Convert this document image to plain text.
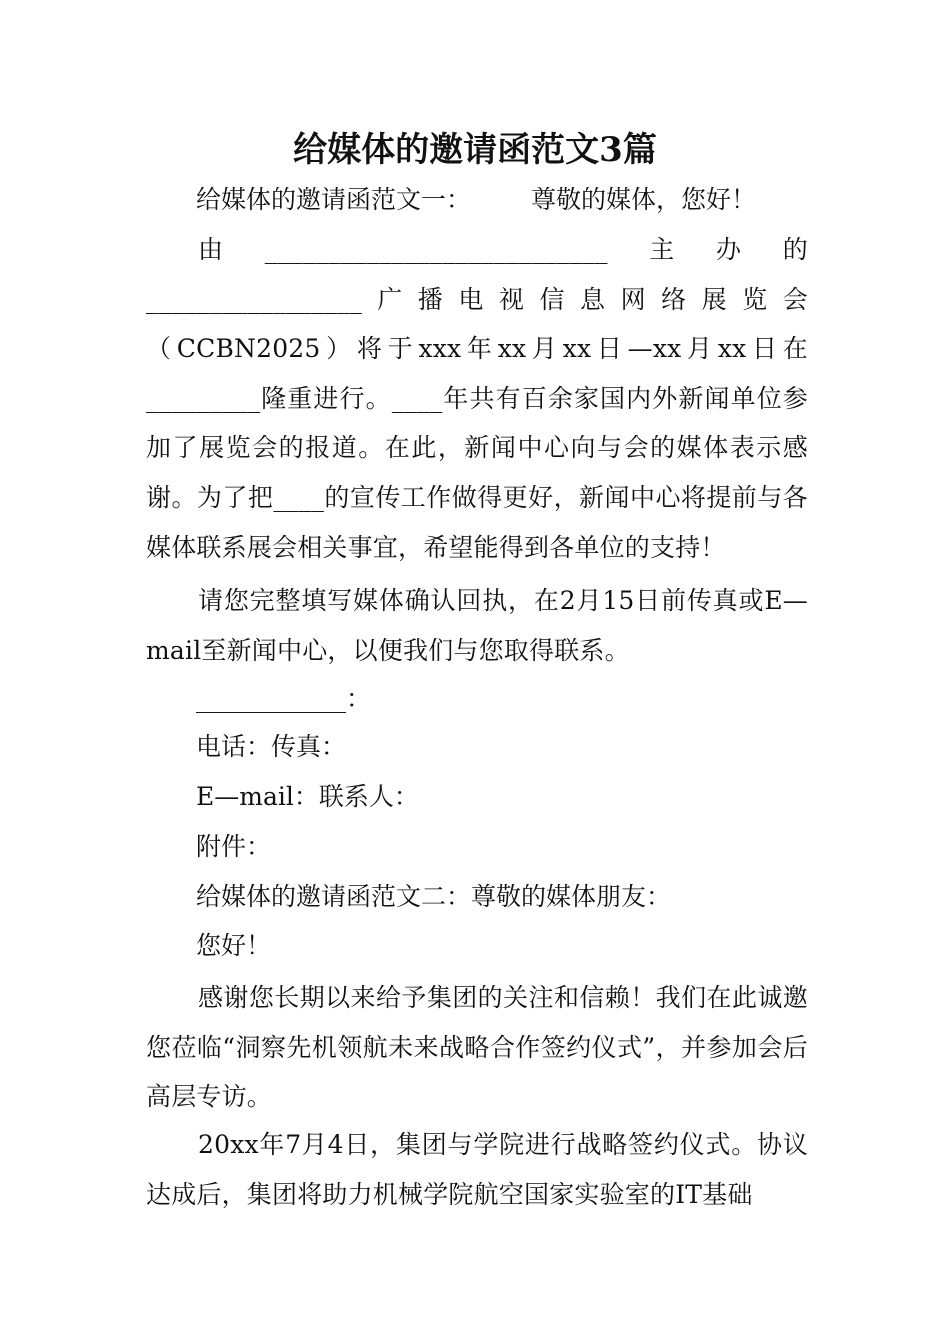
给媒体的邀请函范文3篇
给媒体的邀请函范文一： 尊敬的媒体，您好！

由___________________________主办的_________________广播电视信息网络展览会（CCBN2025）将于xxx年xx月xx日—xx月xx日在_________隆重进行。____年共有百余家国内外新闻单位参加了展览会的报道。在此，新闻中心向与会的媒体表示感谢。为了把____的宣传工作做得更好，新闻中心将提前与各媒体联系展会相关事宜，希望能得到各单位的支持！

请您完整填写媒体确认回执，在2月15日前传真或E—mail至新闻中心，以便我们与您取得联系。

____________：
电话：传真：
E—mail：联系人：
附件：
给媒体的邀请函范文二：尊敬的媒体朋友：
您好！

感谢您长期以来给予集团的关注和信赖！我们在此诚邀您莅临“洞察先机领航未来战略合作签约仪式”，并参加会后高层专访。

20xx年7月4日，集团与学院进行战略签约仪式。协议达成后，集团将助力机械学院航空国家实验室的IT基础
